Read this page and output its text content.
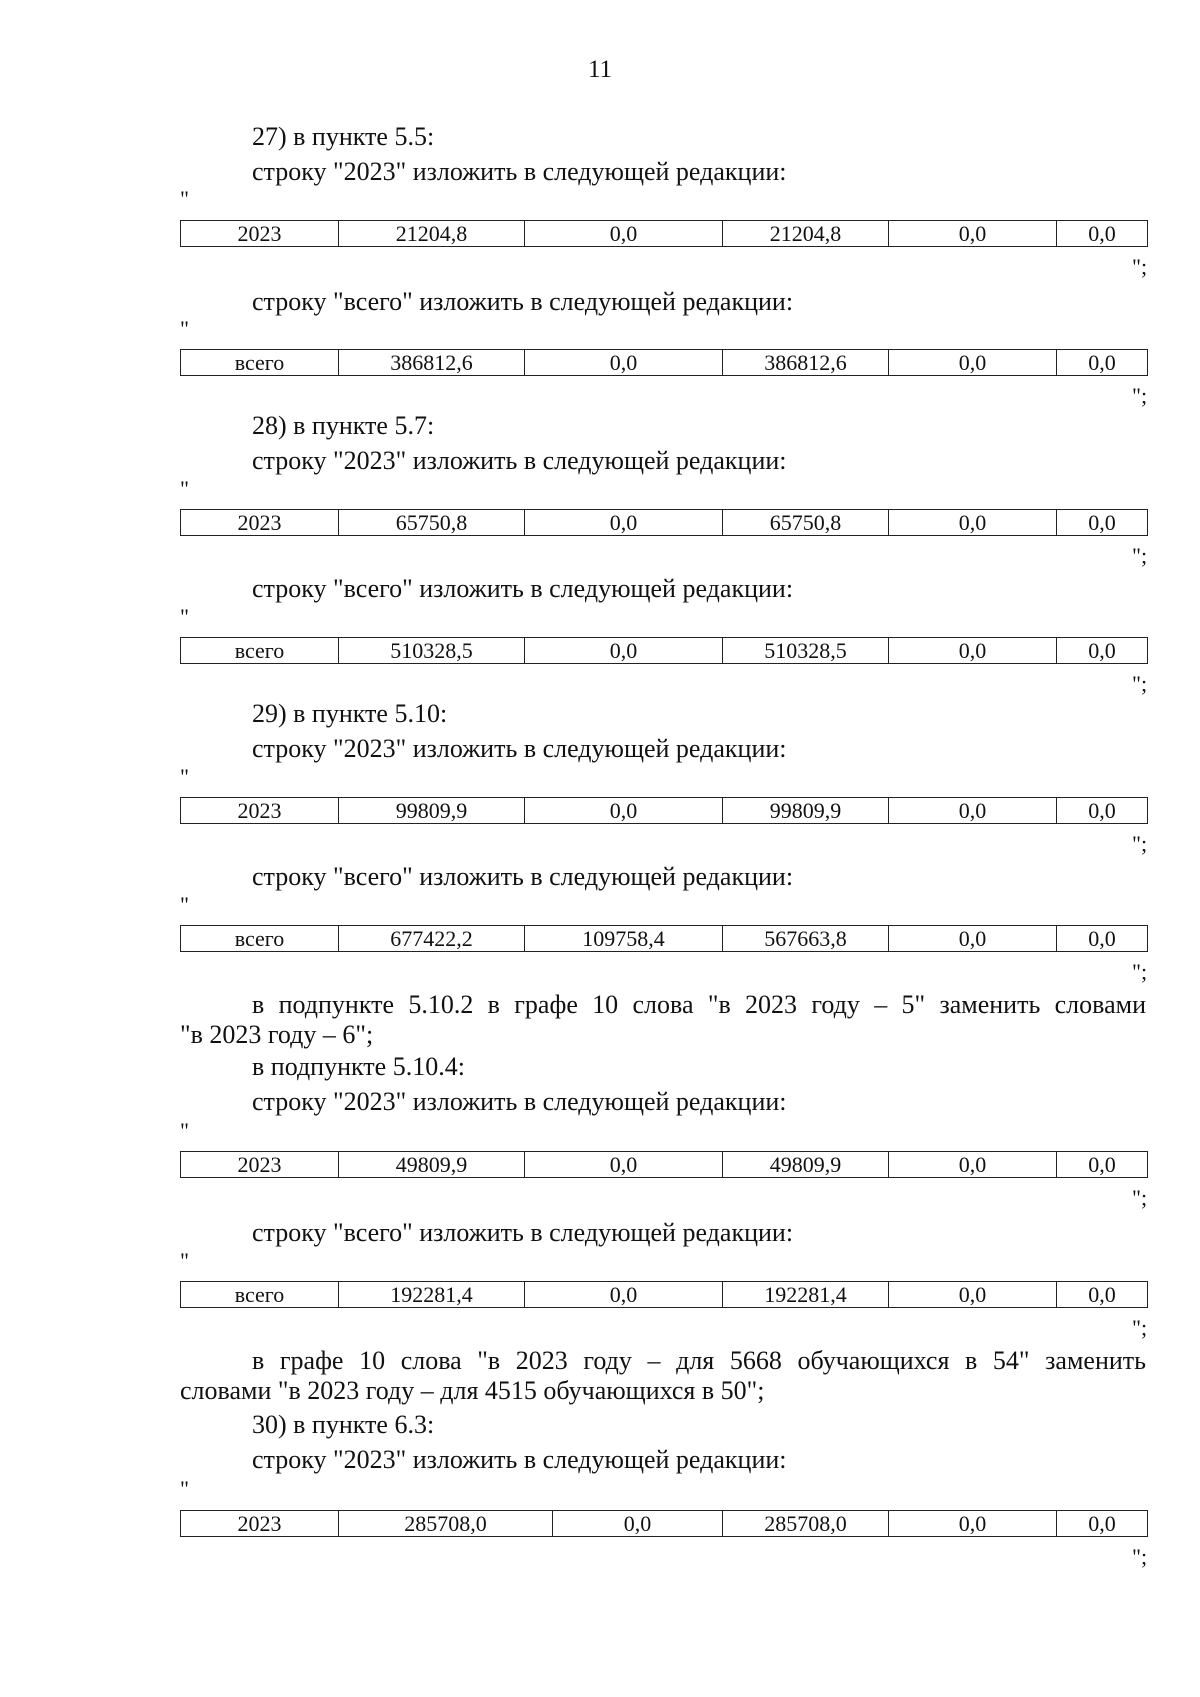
11
27) в пункте 5.5:
строку "2023" изложить в следующей редакции:
"
2023	21204,8	0,0	21204,8	0,0	0,0
";
строку "всего" изложить в следующей редакции:
"
всего	386812,6	0,0	386812,6	0,0	0,0
";
28) в пункте 5.7:
строку "2023" изложить в следующей редакции:
"
2023	65750,8	0,0	65750,8	0,0	0,0
";
строку "всего" изложить в следующей редакции:
"
всего	510328,5	0,0	510328,5	0,0	0,0
";
29) в пункте 5.10:
строку "2023" изложить в следующей редакции:
"
2023	99809,9	0,0	99809,9	0,0	0,0
";
строку "всего" изложить в следующей редакции:
"
всего	677422,2	109758,4	567663,8	0,0	0,0
";
в подпункте 5.10.2 в графе 10 слова "в 2023 году – 5" заменить словами
"в 2023 году – 6";
в подпункте 5.10.4:
строку "2023" изложить в следующей редакции:
"
2023	49809,9	0,0	49809,9	0,0	0,0
";
строку "всего" изложить в следующей редакции:
"
всего	192281,4	0,0	192281,4	0,0	0,0
";
в графе 10 слова "в 2023 году – для 5668 обучающихся в 54" заменить
словами "в 2023 году – для 4515 обучающихся в 50";
30) в пункте 6.3:
строку "2023" изложить в следующей редакции:
"
2023	285708,0	0,0	285708,0	0,0	0,0
";
